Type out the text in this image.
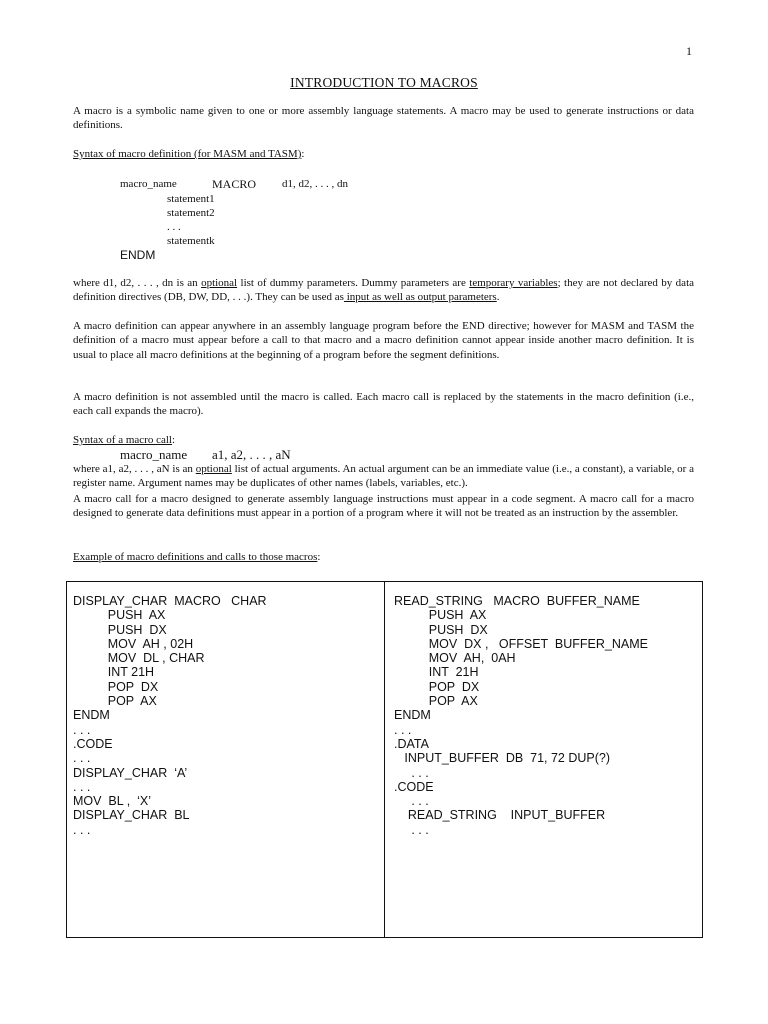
1
INTRODUCTION TO MACROS

A macro is a symbolic name given to one or more assembly language statements. A macro may be used to generate instructions or data definitions.

Syntax of macro definition (for MASM and TASM):
macro_name	MACRO d1, d2, . . . , dn
statement1
statement2
. . .
statementk
ENDM

where d1, d2, . . . , dn is an optional list of dummy parameters. Dummy parameters are temporary variables; they are not declared by data definition directives (DB, DW, DD, . . .). They can be used as input as well as output parameters.

A macro definition can appear anywhere in an assembly language program before the END directive; however for MASM and TASM the definition of a macro must appear before a call to that macro and a macro definition cannot appear inside another macro definition. It is usual to place all macro definitions at the beginning of a program before the segment definitions.

A macro definition is not assembled until the macro is called. Each macro call is replaced by the statements in the macro definition (i.e., each call expands the macro).

Syntax of a macro call:
macro_name a1, a2, . . . , aN

where a1, a2, . . . , aN is an optional list of actual arguments. An actual argument can be an immediate value (i.e., a constant), a variable, or a register name. Argument names may be duplicates of other names (labels, variables, etc.).

A macro call for a macro designed to generate assembly language instructions must appear in a code segment. A macro call for a macro designed to generate data definitions must appear in a portion of a program where it will not be treated as an instruction by the assembler.

Example of macro definitions and calls to those macros:
DISPLAY_CHAR  MACRO   CHAR
PUSH  AX
PUSH  DX
MOV  AH , 02H
MOV  DL , CHAR
INT 21H
POP  DX
POP  AX
ENDM
. . .
.CODE
. . .
DISPLAY_CHAR  ‘A’
. . .
MOV  BL ,  ‘X’
DISPLAY_CHAR  BL
. . .
READ_STRING   MACRO  BUFFER_NAME
PUSH  AX
PUSH  DX
MOV  DX ,   OFFSET  BUFFER_NAME
MOV  AH,  0AH
INT  21H
POP  DX
POP  AX
ENDM
. . .
.DATA
INPUT_BUFFER  DB  71, 72 DUP(?)
. . .
.CODE
. . .
READ_STRING    INPUT_BUFFER
. . .
